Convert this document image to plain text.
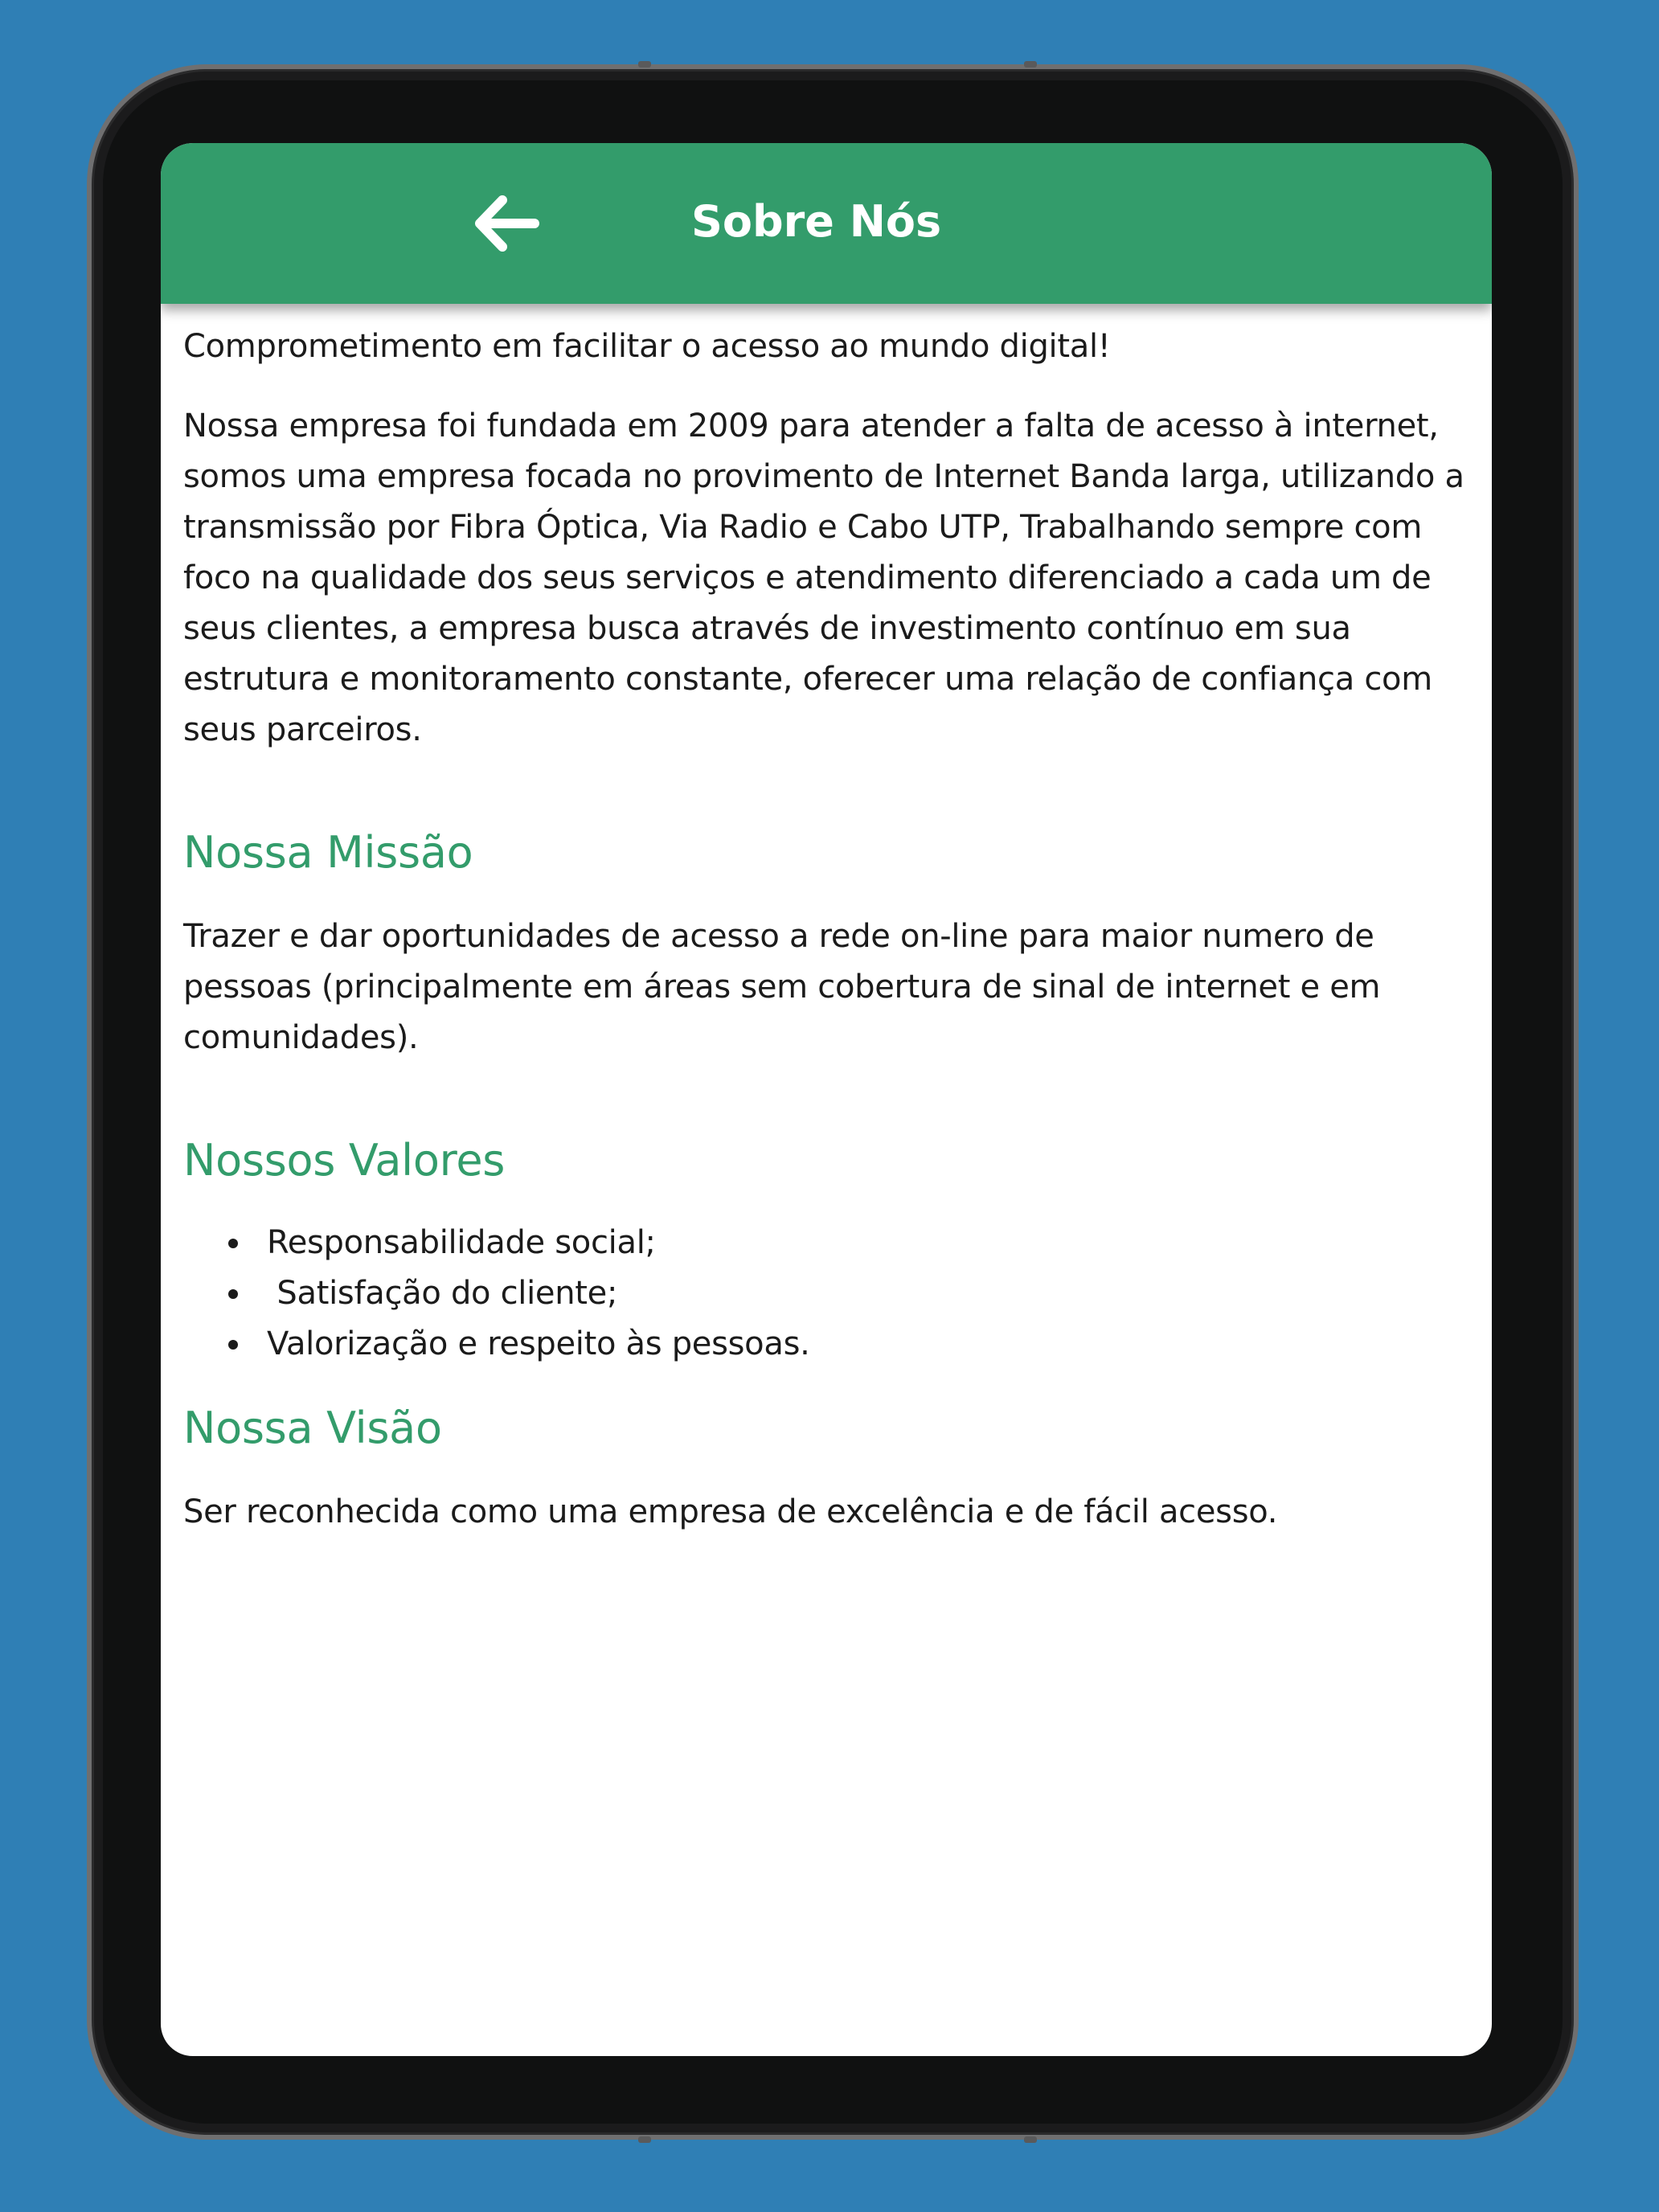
Sobre Nós

Comprometimento em facilitar o acesso ao mundo digital!

Nossa empresa foi fundada em 2009 para atender a falta de acesso à internet, somos uma empresa focada no provimento de Internet Banda larga, utilizando a transmissão por Fibra Óptica, Via Radio e Cabo UTP, Trabalhando sempre com foco na qualidade dos seus serviços e atendimento diferenciado a cada um de seus clientes, a empresa busca através de investimento contínuo em sua estrutura e monitoramento constante, oferecer uma relação de confiança com seus parceiros.

Nossa Missão

Trazer e dar oportunidades de acesso a rede on-line para maior numero de pessoas (principalmente em áreas sem cobertura de sinal de internet e em comunidades).

Nossos Valores
Responsabilidade social;
Satisfação do cliente;
Valorização e respeito às pessoas.
Nossa Visão

Ser reconhecida como uma empresa de excelência e de fácil acesso.
